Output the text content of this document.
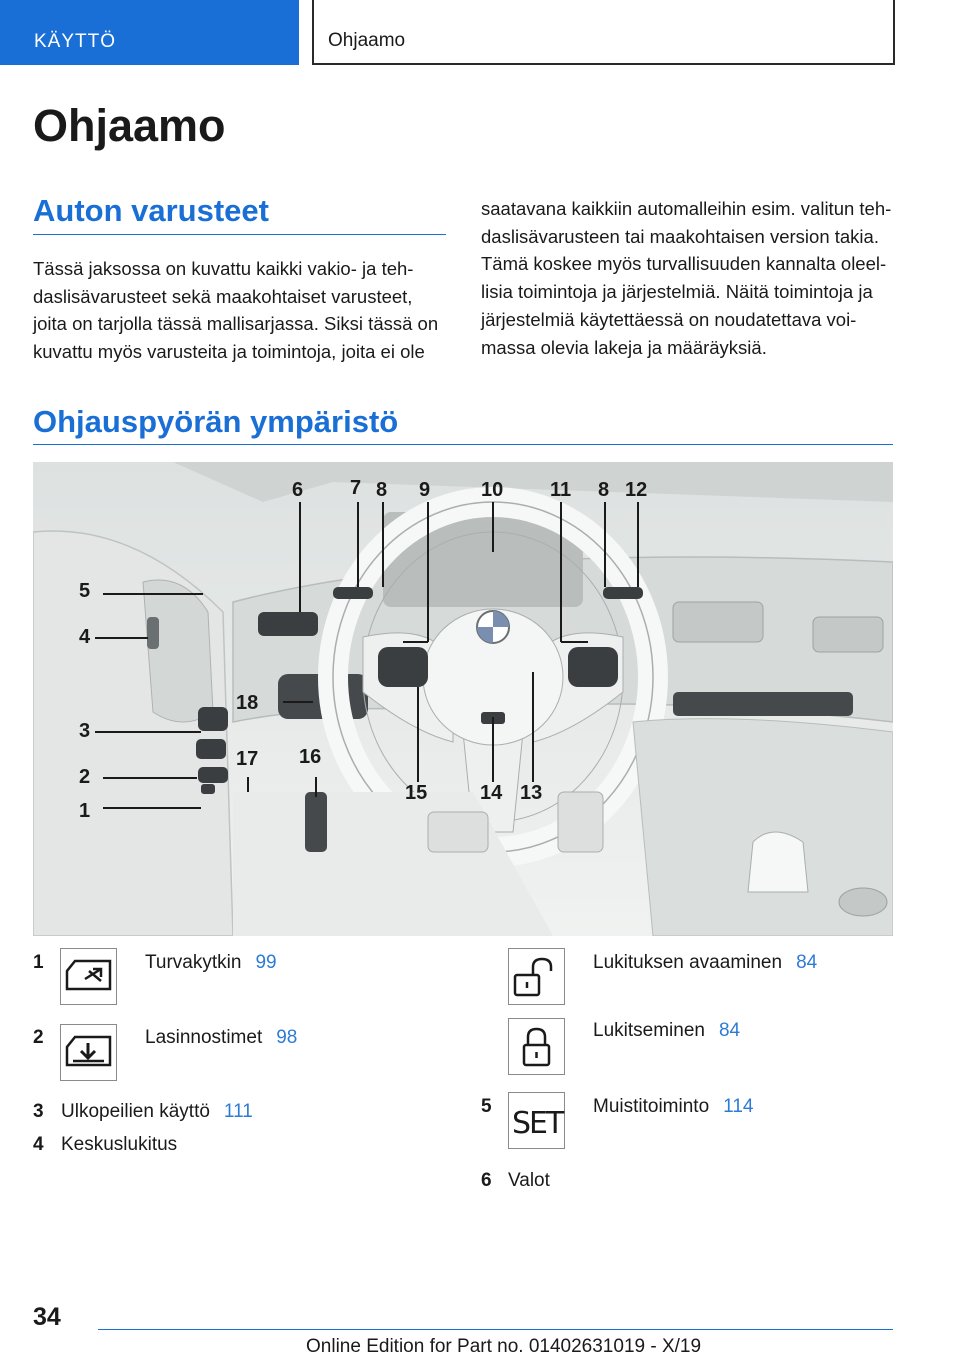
KÄYTTÖ	Ohjaamo
Ohjaamo
Auton varusteet
Tässä jaksossa on kuvattu kaikki vakio- ja teh‐
daslisävarusteet sekä maakohtaiset varusteet,
joita on tarjolla tässä mallisarjassa. Siksi tässä on
kuvattu myös varusteita ja toimintoja, joita ei ole
saatavana kaikkiin automalleihin esim. valitun teh‐
daslisävarusteen tai maakohtaisen version takia.
Tämä koskee myös turvallisuuden kannalta oleel‐
lisia toimintoja ja järjestelmiä. Näitä toimintoja ja
järjestelmiä käytettäessä on noudatettava voi‐
massa olevia lakeja ja määräyksiä.
Ohjauspyörän ympäristö
5
4
3
2
1
6 7 8 9	10 11 8 12
13
14
15
16
17
18
1	Turvakytkin 99
2	Lasinnostimet 98
3 Ulkopeilien käyttö 111
4 Keskuslukitus
Lukituksen avaaminen 84
Lukitseminen 84
5 SET Muistitoiminto 114
6 Valot
34
Online Edition for Part no. 01402631019 - X/19
